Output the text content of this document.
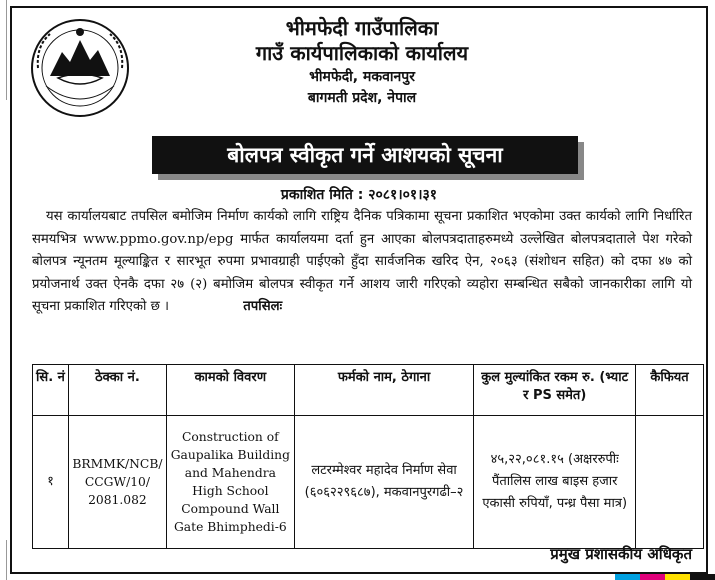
भीमफेदी गाउँपालिका
गाउँ कार्यपालिकाको कार्यालय
भीमफेदी, मकवानपुर
बागमती प्रदेश, नेपाल
बोलपत्र स्वीकृत गर्ने आशयको सूचना
प्रकाशित मिति : २०८१।०१।३१
यस कार्यालयबाट तपसिल बमोजिम निर्माण कार्यको लागि राष्ट्रिय दैनिक पत्रिकामा सूचना प्रकाशित भएकोमा उक्त कार्यको लागि निर्धारित समयभित्र www.ppmo.gov.np/epg मार्फत कार्यालयमा दर्ता हुन आएका बोलपत्रदाताहरुमध्ये उल्लेखित बोलपत्रदाताले पेश गरेको बोलपत्र न्यूनतम मूल्याङ्कित र सारभूत रुपमा प्रभावग्राही पाईएको हुँदा सार्वजनिक खरिद ऐन, २०६३ (संशोधन सहित) को दफा ४७ को प्रयोजनार्थ उक्त ऐनकै दफा २७ (२) बमोजिम बोलपत्र स्वीकृत गर्ने आशय जारी गरिएको व्यहोरा सम्बन्धित सबैको जानकारीका लागि यो सूचना प्रकाशित गरिएको छ ।	तपसिलः
सि. नं	ठेक्का नं.	कामको विवरण	फर्मको नाम, ठेगाना	कुल मुल्यांकित रकम रु. (भ्याट र PS समेत)	कैफियत
१	BRMMK/NCB/ CCGW/10/ 2081.082	Construction of Gaupalika Building and Mahendra High School Compound Wall Gate Bhimphedi-6	लटरम्मेश्वर महादेव निर्माण सेवा (६०६२२९६८७), मकवानपुरगढी–२	४५,२२,०८१.१५ (अक्षररुपीः पैंतालिस लाख बाइस हजार एकासी रुपियाँ, पन्ध्र पैसा मात्र)	
प्रमुख प्रशासकीय अधिकृत
